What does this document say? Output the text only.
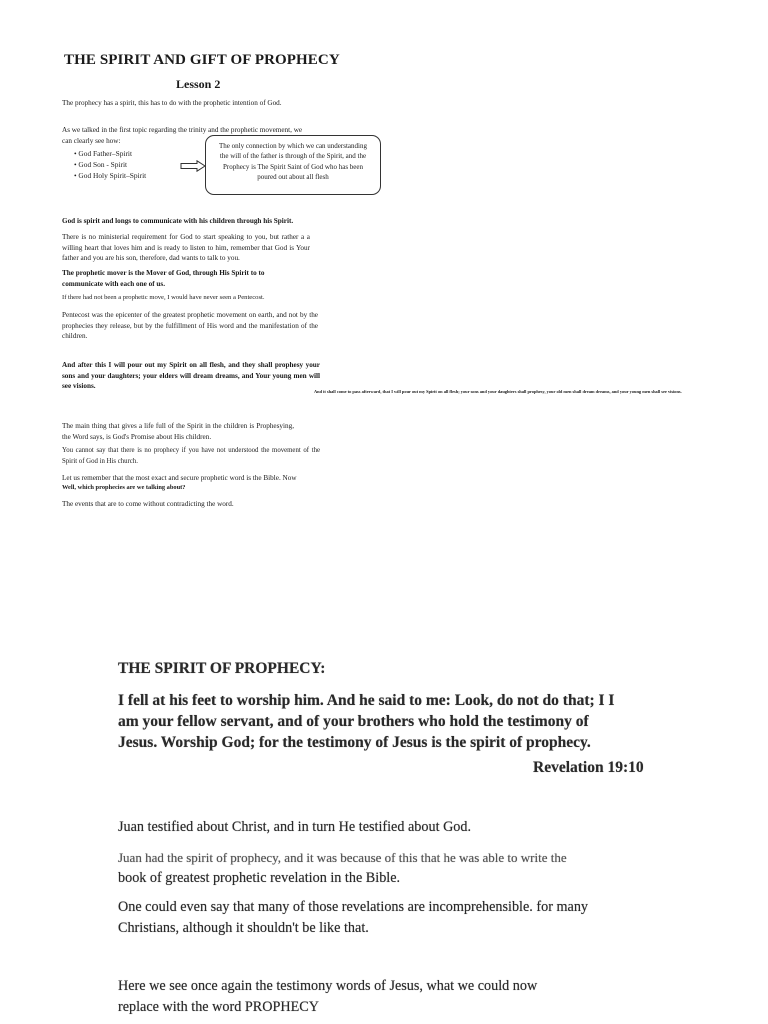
THE SPIRIT AND GIFT OF PROPHECY
Lesson 2
The prophecy has a spirit, this has to do with the prophetic intention of God.
As we talked in the first topic regarding the trinity and the prophetic movement, we can clearly see how:
• God Father–Spirit
• God Son - Spirit
• God Holy Spirit–Spirit
The only connection by which we can understanding the will of the father is through of the Spirit, and the Prophecy is The Spirit Saint of God who has been poured out about all flesh
God is spirit and longs to communicate with his children through his Spirit.
There is no ministerial requirement for God to start speaking to you, but rather a a willing heart that loves him and is ready to listen to him, remember that God is Your father and you are his son, therefore, dad wants to talk to you.
The prophetic mover is the Mover of God, through His Spirit to to communicate with each one of us.
If there had not been a prophetic move, I would have never seen a Pentecost.
Pentecost was the epicenter of the greatest prophetic movement on earth, and not by the prophecies they release, but by the fulfillment of His word and the manifestation of the children.
And after this I will pour out my Spirit on all flesh, and they shall prophesy your sons and your daughters; your elders will dream dreams, and Your young men will see visions.
And it shall come to pass afterward, that I will pour out my Spirit on all flesh; your sons and your daughters shall prophesy, your old men shall dream dreams, and your young men shall see visions.
The main thing that gives a life full of the Spirit in the children is Prophesying, the Word says, is God's Promise about His children.
You cannot say that there is no prophecy if you have not understood the movement of the Spirit of God in His church.
Let us remember that the most exact and secure prophetic word is the Bible. Now
Well, which prophecies are we talking about?
The events that are to come without contradicting the word.
THE SPIRIT OF PROPHECY:
I fell at his feet to worship him. And he said to me: Look, do not do that; I I am your fellow servant, and of your brothers who hold the testimony of Jesus. Worship God; for the testimony of Jesus is the spirit of prophecy.
Revelation 19:10
Juan testified about Christ, and in turn He testified about God.
Juan had the spirit of prophecy, and it was because of this that he was able to write the
book of greatest prophetic revelation in the Bible.
One could even say that many of those revelations are incomprehensible. for many Christians, although it shouldn't be like that.
Here we see once again the testimony words of Jesus, what we could now replace with the word PROPHECY
